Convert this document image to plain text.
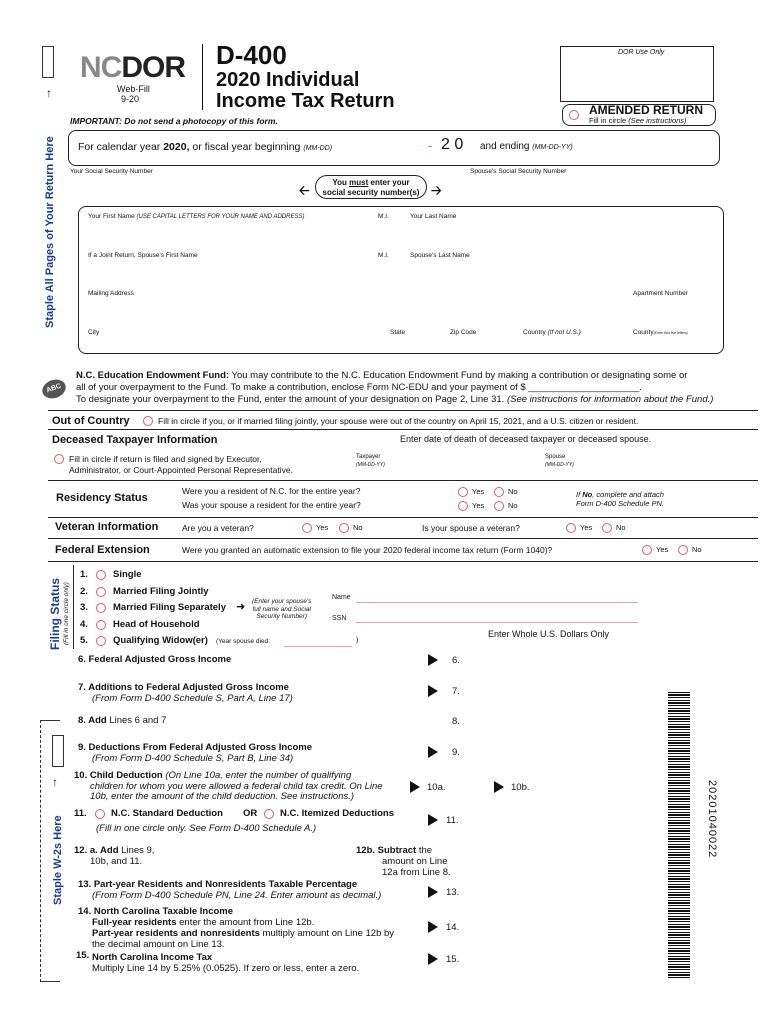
Staple All Pages of Your Return Here
↑
NCDOR
Web-Fill
9-20
D-400
2020 Individual
Income Tax Return
DOR Use Only
AMENDED RETURN
Fill in circle (See instructions)
IMPORTANT: Do not send a photocopy of this form.
For calendar year 2020, or fiscal year beginning (MM-DD)	- 2 0 and ending (MM-DD-YY)
Your Social Security Number	Spouse's Social Security Number
🡠
You must enter your
social security number(s) 🡢
Your First Name (USE CAPITAL LETTERS FOR YOUR NAME AND ADDRESS)	M.I.	Your Last Name
If a Joint Return, Spouse's First Name	M.I.	Spouse's Last Name
Mailing Address	Apartment Number
City	State	Zip Code	Country (If not U.S.)	County(Enter first five letters)
ABC
N.C. Education Endowment Fund: You may contribute to the N.C. Education Endowment Fund by making a contribution or designating some or
all of your overpayment to the Fund. To make a contribution, enclose Form NC-EDU and your payment of $ _____________________.
To designate your overpayment to the Fund, enter the amount of your designation on Page 2, Line 31. (See instructions for information about the Fund.)
Out of Country	Fill in circle if you, or if married filing jointly, your spouse were out of the country on April 15, 2021, and a U.S. citizen or resident.
Deceased Taxpayer Information	Enter date of death of deceased taxpayer or deceased spouse.
Fill in circle if return is filed and signed by Executor,
Administrator, or Court-Appointed Personal Representative.
Taxpayer
(MM-DD-YY)
Spouse
(MM-DD-YY)
Residency Status
Were you a resident of N.C. for the entire year?
Was your spouse a resident for the entire year?
Yes	No
Yes	No
If No, complete and attach
Form D-400 Schedule PN.
Veteran Information	Are you a veteran?	Yes	No	Is your spouse a veteran?	Yes	No
Federal Extension	Were you granted an automatic extension to file your 2020 federal income tax return (Form 1040)?	Yes	No
Filing Status (Fill in one circle only)
1.	Single
2.	Married Filing Jointly
3.	Married Filing Separately ➜ (Enter your spouse's
full name and Social
Security Number)
Name
SSN
4.	Head of Household
5.	Qualifying Widow(er) (Year spouse died:	)
Enter Whole U.S. Dollars Only
6. Federal Adjusted Gross Income	6.
7. Additions to Federal Adjusted Gross Income
(From Form D-400 Schedule S, Part A, Line 17)
7.
8. Add Lines 6 and 7	8.
9. Deductions From Federal Adjusted Gross Income
(From Form D-400 Schedule S, Part B, Line 34)
9.
10. Child Deduction (On Line 10a, enter the number of qualifying
children for whom you were allowed a federal child tax credit. On Line
10b, enter the amount of the child deduction. See instructions.)
10a.	10b.
11.	N.C. Standard Deduction OR N.C. Itemized Deductions
(Fill in one circle only. See Form D-400 Schedule A.)
11.
12. a. Add Lines 9,
10b, and 11.
12b. Subtract the
amount on Line
12a from Line 8.
13. Part-year Residents and Nonresidents Taxable Percentage
(From Form D-400 Schedule PN, Line 24. Enter amount as decimal.)	13.
14. North Carolina Taxable Income
Full-year residents enter the amount from Line 12b.
Part-year residents and nonresidents multiply amount on Line 12b by
the decimal amount on Line 13.
14.
15. North Carolina Income Tax
Multiply Line 14 by 5.25% (0.0525). If zero or less, enter a zero.
15.
↑
Staple W-2s Here	20201040022
